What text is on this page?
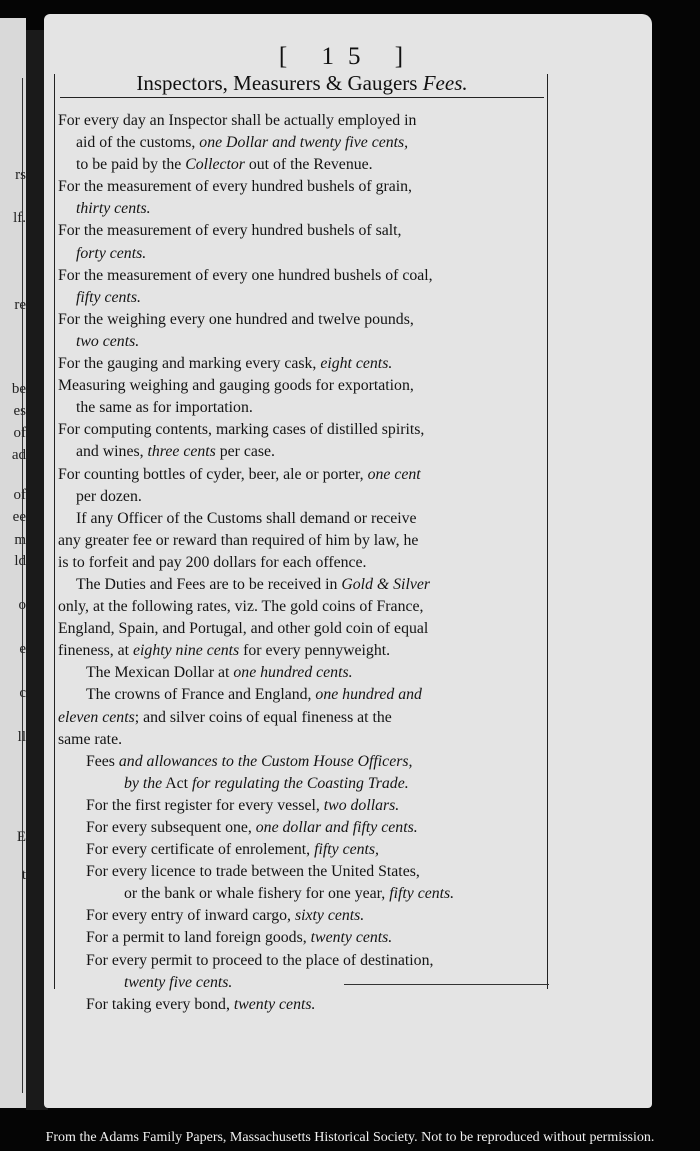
rs
lf.
re
be
es
of
ad
of
ee
m
ld
o
e
c
ll
E
t
[ 15 ]
Inspectors, Measurers & Gaugers Fees.
For every day an Inspector shall be actually employed in
aid of the customs, one Dollar and twenty five cents,
to be paid by the Collector out of the Revenue.
For the measurement of every hundred bushels of grain,
thirty cents.
For the measurement of every hundred bushels of salt,
forty cents.
For the measurement of every one hundred bushels of coal,
fifty cents.
For the weighing every one hundred and twelve pounds,
two cents.
For the gauging and marking every cask, eight cents.
Measuring weighing and gauging goods for exportation,
the same as for importation.
For computing contents, marking cases of distilled spirits,
and wines, three cents per case.
For counting bottles of cyder, beer, ale or porter, one cent
per dozen.
If any Officer of the Customs shall demand or receive
any greater fee or reward than required of him by law, he
is to forfeit and pay 200 dollars for each offence.
The Duties and Fees are to be received in Gold & Silver
only, at the following rates, viz. The gold coins of France,
England, Spain, and Portugal, and other gold coin of equal
fineness, at eighty nine cents for every pennyweight.
The Mexican Dollar at one hundred cents.
The crowns of France and England, one hundred and
eleven cents; and silver coins of equal fineness at the
same rate.
Fees and allowances to the Custom House Officers,
by the Act for regulating the Coasting Trade.
For the first register for every vessel, two dollars.
For every subsequent one, one dollar and fifty cents.
For every certificate of enrolement, fifty cents,
For every licence to trade between the United States,
or the bank or whale fishery for one year, fifty cents.
For every entry of inward cargo, sixty cents.
For a permit to land foreign goods, twenty cents.
For every permit to proceed to the place of destination,
twenty five cents.
For taking every bond, twenty cents.
From the Adams Family Papers, Massachusetts Historical Society. Not to be reproduced without permission.
